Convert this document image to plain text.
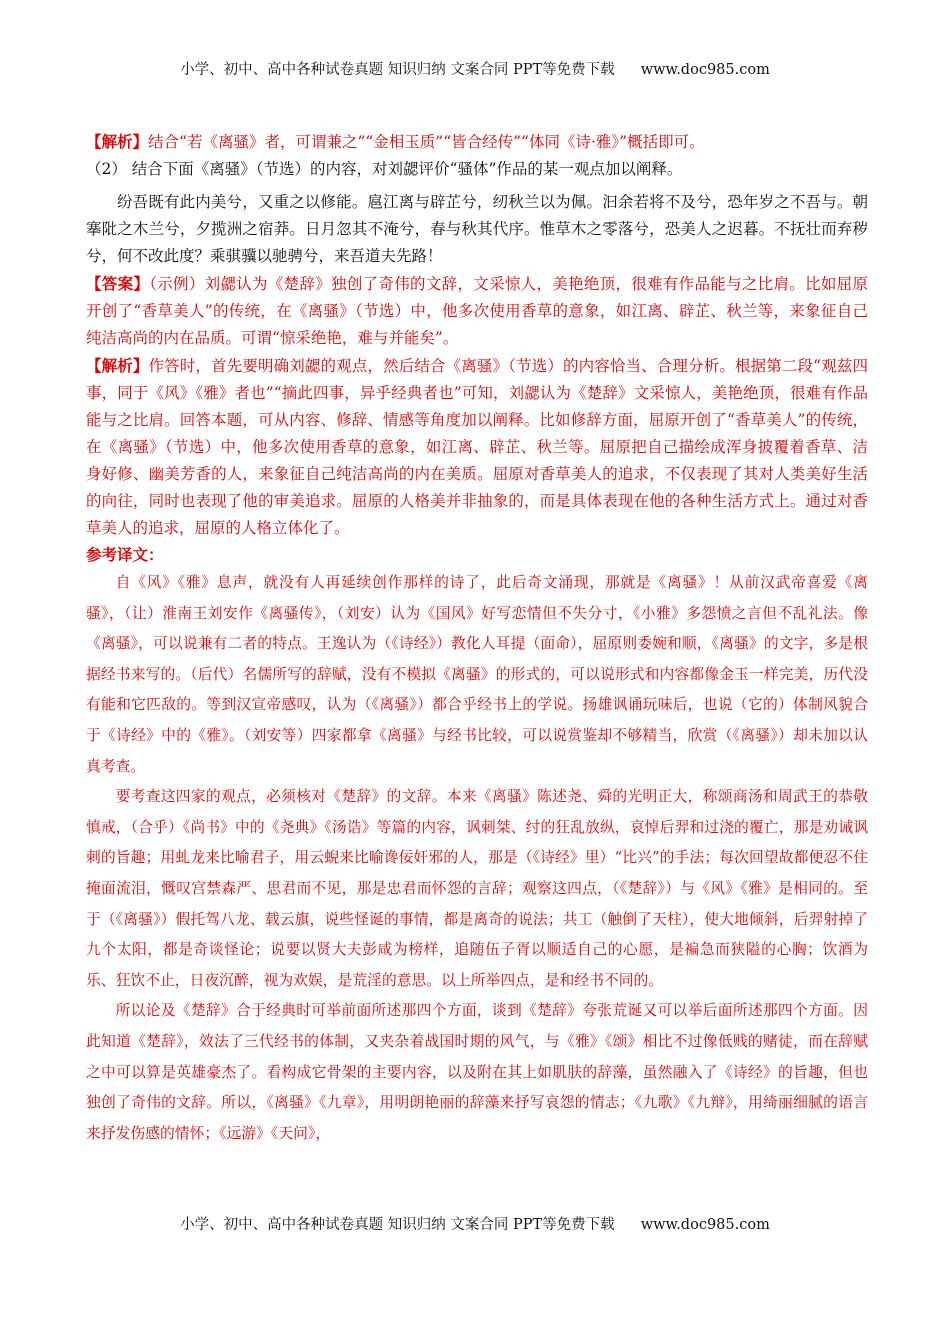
小学、初中、高中各种试卷真题 知识归纳 文案合同 PPT等免费下载 www.doc985.com

【解析】结合“若《离骚》者，可谓兼之”“金相玉质”“皆合经传”“体同《诗·雅》”概括即可。

（2） 结合下面《离骚》（节选）的内容，对刘勰评价“骚体”作品的某一观点加以阐释。

纷吾既有此内美兮，又重之以修能。扈江离与辟芷兮，纫秋兰以为佩。汩余若将不及兮，恐年岁之不吾与。朝搴阰之木兰兮，夕揽洲之宿莽。日月忽其不淹兮，春与秋其代序。惟草木之零落兮，恐美人之迟暮。不抚壮而弃秽兮，何不改此度？乘骐骥以驰骋兮，来吾道夫先路！

【答案】（示例）刘勰认为《楚辞》独创了奇伟的文辞，文采惊人，美艳绝顶，很难有作品能与之比肩。比如屈原开创了“香草美人”的传统，在《离骚》（节选）中，他多次使用香草的意象，如江离、辟芷、秋兰等，来象征自己纯洁高尚的内在品质。可谓“惊采绝艳，难与并能矣”。

【解析】作答时，首先要明确刘勰的观点，然后结合《离骚》（节选）的内容恰当、合理分析。根据第二段“观兹四事，同于《风》《雅》者也”“摘此四事，异乎经典者也”可知，刘勰认为《楚辞》文采惊人，美艳绝顶，很难有作品能与之比肩。回答本题，可从内容、修辞、情感等角度加以阐释。比如修辞方面，屈原开创了“香草美人”的传统，在《离骚》（节选）中，他多次使用香草的意象，如江离、辟芷、秋兰等。屈原把自己描绘成浑身披覆着香草、洁身好修、幽美芳香的人，来象征自己纯洁高尚的内在美质。屈原对香草美人的追求，不仅表现了其对人类美好生活的向往，同时也表现了他的审美追求。屈原的人格美并非抽象的，而是具体表现在他的各种生活方式上。通过对香草美人的追求，屈原的人格立体化了。

参考译文：

自《风》《雅》息声，就没有人再延续创作那样的诗了，此后奇文涌现，那就是《离骚》！从前汉武帝喜爱《离骚》，（让）淮南王刘安作《离骚传》，（刘安）认为《国风》好写恋情但不失分寸，《小雅》多怨愤之言但不乱礼法。像《离骚》，可以说兼有二者的特点。王逸认为（《诗经》）教化人耳提（面命），屈原则委婉和顺，《离骚》的文字，多是根据经书来写的。（后代）名儒所写的辞赋，没有不模拟《离骚》的形式的，可以说形式和内容都像金玉一样完美，历代没有能和它匹敌的。等到汉宣帝感叹，认为（《离骚》）都合乎经书上的学说。扬雄讽诵玩味后，也说（它的）体制风貌合于《诗经》中的《雅》。（刘安等）四家都拿《离骚》与经书比较，可以说赏鉴却不够精当，欣赏（《离骚》）却未加以认真考查。

要考查这四家的观点，必须核对《楚辞》的文辞。本来《离骚》陈述尧、舜的光明正大，称颂商汤和周武王的恭敬慎戒，（合乎）《尚书》中的《尧典》《汤诰》等篇的内容，讽刺桀、纣的狂乱放纵，哀悼后羿和过浇的覆亡，那是劝诫讽刺的旨趣；用虬龙来比喻君子，用云蜺来比喻谗佞奸邪的人，那是（《诗经》里）“比兴”的手法；每次回望故都便忍不住掩面流泪，慨叹宫禁森严、思君而不见，那是忠君而怀怨的言辞；观察这四点，（《楚辞》）与《风》《雅》是相同的。至于（《离骚》）假托驾八龙、载云旗，说些怪诞的事情，都是离奇的说法；共工（触倒了天柱），使大地倾斜，后羿射掉了九个太阳，都是奇谈怪论；说要以贤大夫彭咸为榜样，追随伍子胥以顺适自己的心愿，是褊急而狭隘的心胸；饮酒为乐、狂饮不止，日夜沉醉，视为欢娱，是荒淫的意思。以上所举四点，是和经书不同的。

所以论及《楚辞》合于经典时可举前面所述那四个方面，谈到《楚辞》夸张荒诞又可以举后面所述那四个方面。因此知道《楚辞》，效法了三代经书的体制，又夹杂着战国时期的风气，与《雅》《颂》相比不过像低贱的赌徒，而在辞赋之中可以算是英雄豪杰了。看构成它骨架的主要内容，以及附在其上如肌肤的辞藻，虽然融入了《诗经》的旨趣，但也独创了奇伟的文辞。所以，《离骚》《九章》，用明朗艳丽的辞藻来抒写哀怨的情志；《九歌》《九辩》，用绮丽细腻的语言来抒发伤感的情怀；《远游》《天问》，

小学、初中、高中各种试卷真题 知识归纳 文案合同 PPT等免费下载 www.doc985.com
